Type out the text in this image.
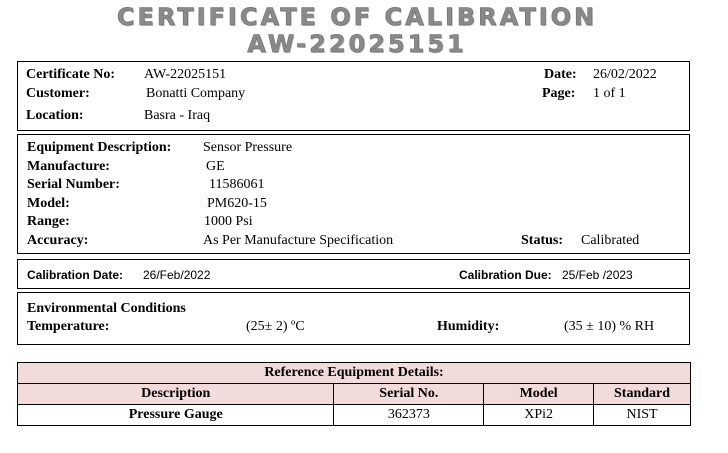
CERTIFICATE OF CALIBRATION
AW-22025151
Certificate No: AW-22025151
Customer:	Bonatti Company
Location:	Basra - Iraq
Date: 26/02/2022
Page: 1 of 1
Equipment Description: Sensor Pressure
Manufacture:	GE
Serial Number:	11586061
Model:	PM620-15
Range:	1000 Psi
Accuracy:	As Per Manufacture Specification	Status: Calibrated
Calibration Date: 26/Feb/2022	Calibration Due: 25/Feb /2023
Environmental Conditions
Temperature:	(25± 2) ºC	Humidity:	(35 ± 10) % RH
Reference Equipment Details:			
Description	Serial No.	Model	Standard
Pressure Gauge	362373	XPi2	NIST
